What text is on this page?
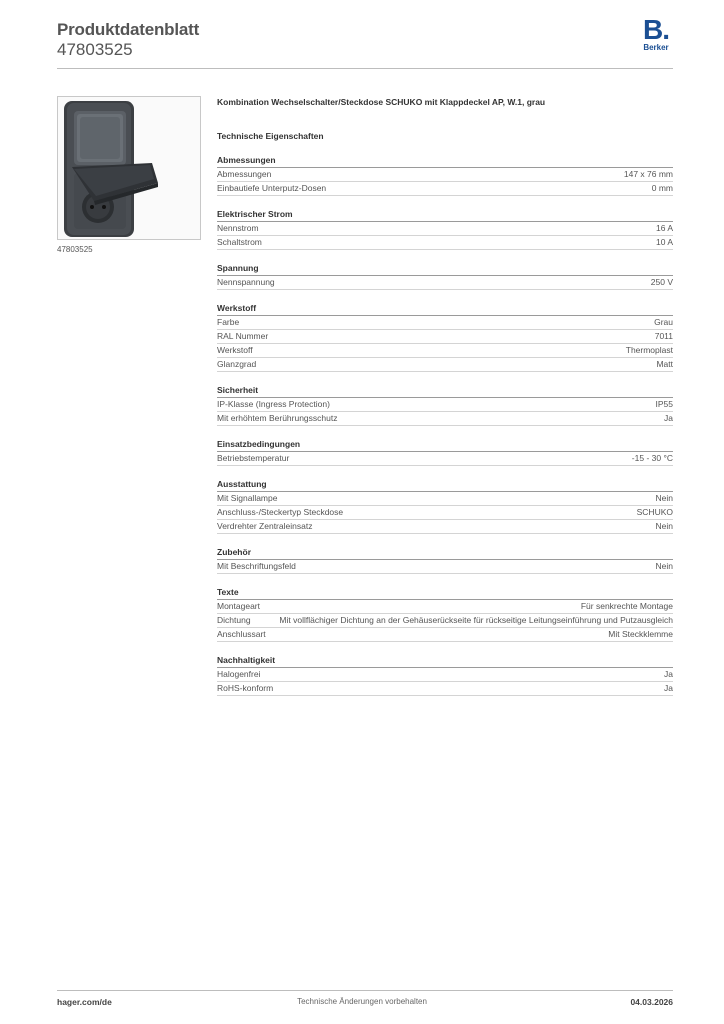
Produktdatenblatt
47803525
B.
Berker
47803525
Kombination Wechselschalter/Steckdose SCHUKO mit Klappdeckel AP, W.1, grau
Technische Eigenschaften
Abmessungen
Abmessungen	147 x 76 mm
Einbautiefe Unterputz-Dosen	0 mm
Elektrischer Strom
Nennstrom	16 A
Schaltstrom	10 A
Spannung
Nennspannung	250 V
Werkstoff
Farbe	Grau
RAL Nummer	7011
Werkstoff	Thermoplast
Glanzgrad	Matt
Sicherheit
IP-Klasse (Ingress Protection)	IP55
Mit erhöhtem Berührungsschutz	Ja
Einsatzbedingungen
Betriebstemperatur	-15 - 30 °C
Ausstattung
Mit Signallampe	Nein
Anschluss-/Steckertyp Steckdose	SCHUKO
Verdrehter Zentraleinsatz	Nein
Zubehör
Mit Beschriftungsfeld	Nein
Texte
Montageart	Für senkrechte Montage
Dichtung	Mit vollflächiger Dichtung an der Gehäuserückseite für rückseitige Leitungseinführung und Putzausgleich
Anschlussart	Mit Steckklemme
Nachhaltigkeit
Halogenfrei	Ja
RoHS-konform	Ja
hager.com/de	Technische Änderungen vorbehalten	04.03.2026
